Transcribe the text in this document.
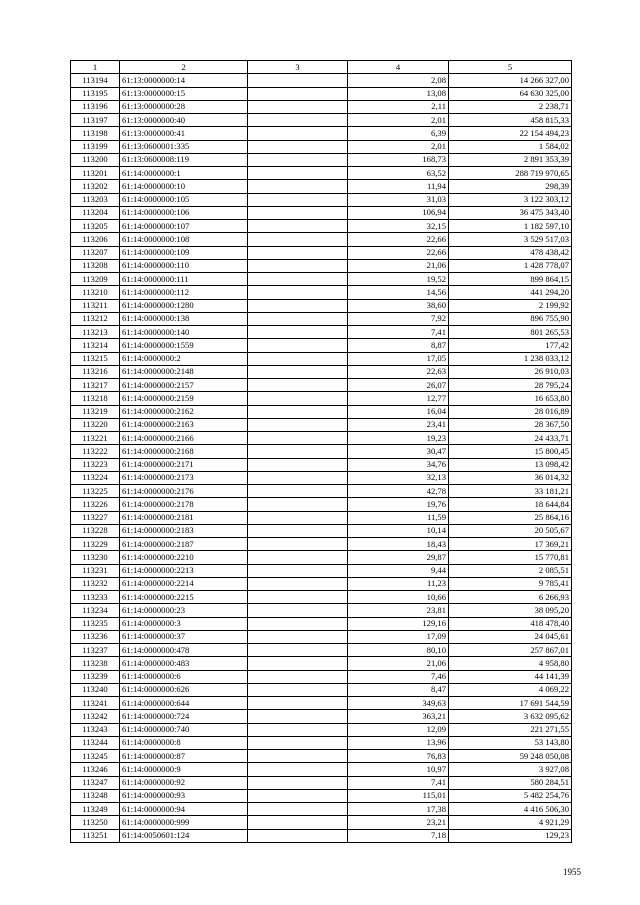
1	2	3	4	5
113194	61:13:0000000:14		2,08	14 266 327,00
113195	61:13:0000000:15		13,08	64 630 325,00
113196	61:13:0000000:28		2,11	2 238,71
113197	61:13:0000000:40		2,01	458 815,33
113198	61:13:0000000:41		6,39	22 154 494,23
113199	61:13:0600001:335		2,01	1 584,02
113200	61:13:0600008:119		168,73	2 891 353,39
113201	61:14:0000000:1		63,52	288 719 970,65
113202	61:14:0000000:10		11,94	298,39
113203	61:14:0000000:105		31,03	3 122 303,12
113204	61:14:0000000:106		106,94	36 475 343,40
113205	61:14:0000000:107		32,15	1 182 597,10
113206	61:14:0000000:108		22,66	3 529 517,03
113207	61:14:0000000:109		22,66	478 438,42
113208	61:14:0000000:110		21,06	1 428 778,07
113209	61:14:0000000:111		19,52	899 864,15
113210	61:14:0000000:112		14,56	441 294,20
113211	61:14:0000000:1280		38,60	2 199,92
113212	61:14:0000000:138		7,92	896 755,90
113213	61:14:0000000:140		7,41	801 265,53
113214	61:14:0000000:1559		8,87	177,42
113215	61:14:0000000:2		17,05	1 238 033,12
113216	61:14:0000000:2148		22,63	26 910,03
113217	61:14:0000000:2157		26,07	28 795,24
113218	61:14:0000000:2159		12,77	16 653,80
113219	61:14:0000000:2162		16,04	28 016,89
113220	61:14:0000000:2163		23,41	28 367,50
113221	61:14:0000000:2166		19,23	24 433,71
113222	61:14:0000000:2168		30,47	15 800,45
113223	61:14:0000000:2171		34,76	13 098,42
113224	61:14:0000000:2173		32,13	36 014,32
113225	61:14:0000000:2176		42,78	33 181,21
113226	61:14:0000000:2178		19,76	18 644,84
113227	61:14:0000000:2181		11,59	25 864,16
113228	61:14:0000000:2183		10,14	20 505,67
113229	61:14:0000000:2187		18,43	17 369,21
113230	61:14:0000000:2210		29,87	15 770,81
113231	61:14:0000000:2213		9,44	2 085,51
113232	61:14:0000000:2214		11,23	9 785,41
113233	61:14:0000000:2215		10,66	6 266,93
113234	61:14:0000000:23		23,81	38 095,20
113235	61:14:0000000:3		129,16	418 478,40
113236	61:14:0000000:37		17,09	24 045,61
113237	61:14:0000000:478		80,10	257 867,01
113238	61:14:0000000:483		21,06	4 958,80
113239	61:14:0000000:6		7,46	44 141,39
113240	61:14:0000000:626		8,47	4 069,22
113241	61:14:0000000:644		349,63	17 691 544,59
113242	61:14:0000000:724		363,21	3 632 095,62
113243	61:14:0000000:740		12,09	221 271,55
113244	61:14:0000000:8		13,96	53 143,80
113245	61:14:0000000:87		76,83	59 248 050,08
113246	61:14:0000000:9		10,97	3 927,08
113247	61:14:0000000:92		7,41	580 284,51
113248	61:14:0000000:93		115,01	5 482 254,76
113249	61:14:0000000:94		17,38	4 416 506,30
113250	61:14:0000000:999		23,21	4 921,29
113251	61:14:0050601:124		7,18	129,23
1955
